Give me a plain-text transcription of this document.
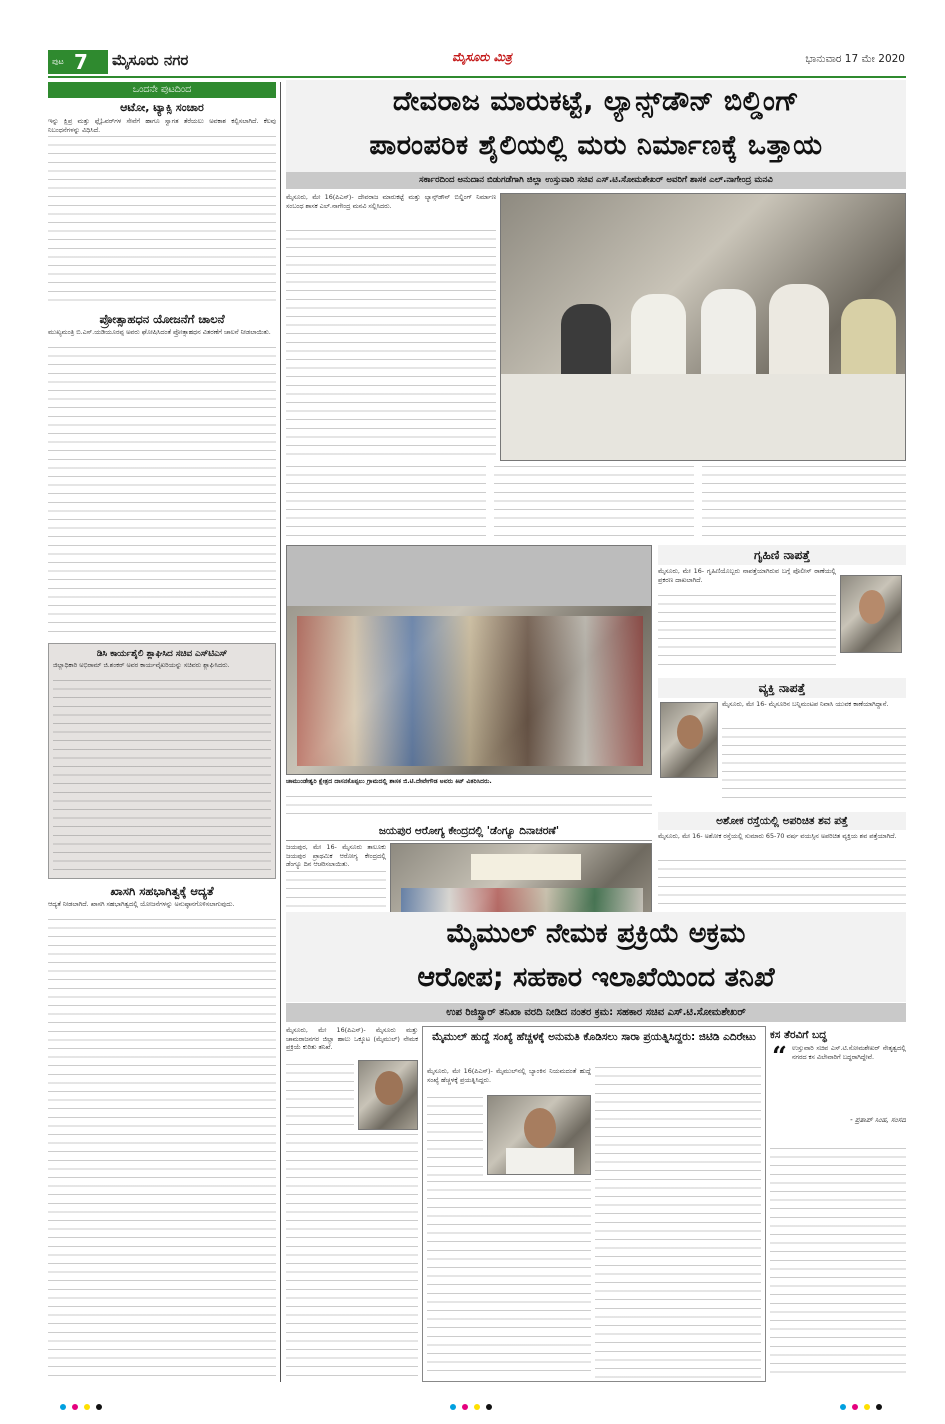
ಪುಟ 7 ಮೈಸೂರು ನಗರ	ಮೈಸೂರು ಮಿತ್ರ	ಭಾನುವಾರ 17 ಮೇ 2020
ಒಂದನೇ ಪುಟದಿಂದ
ಆಟೋ, ಟ್ಯಾಕ್ಸಿ ಸಂಚಾರ
ಇನ್ನು ಕ್ಷಿಪ್ರ ಮತ್ತು ಫ್ಲೈಓವರ್‌ಗಳ ಸೇವೆಗೆ ಹಾಗೂ ಸ್ವಾಗತ ತೆರೆಯಲು ಅವಕಾಶ ಕಲ್ಪಿಸಲಾಗಿದೆ. ಕೆಲವು ನಿಬಂಧನೆಗಳನ್ನು ವಿಧಿಸಿದೆ.
ಪ್ರೋತ್ಸಾಹಧನ ಯೋಜನೆಗೆ ಚಾಲನೆ
ಮುಖ್ಯಮಂತ್ರಿ ಬಿ.ಎಸ್.ಯಡಿಯೂರಪ್ಪ ಅವರು ಘೋಷಿಸಿದಂತೆ ಪ್ರೋತ್ಸಾಹಧನ ವಿತರಣೆಗೆ ಚಾಲನೆ ನೀಡಲಾಯಿತು.
ಡಿಸಿ ಕಾರ್ಯಶೈಲಿ ಶ್ಲಾಘಿಸಿದ ಸಚಿವ ಎಸ್‌ಟಿಎಸ್
ಜಿಲ್ಲಾಧಿಕಾರಿ ಅಭಿರಾಮ್ ಜಿ.ಶಂಕರ್ ಅವರ ಕಾರ್ಯವೈಖರಿಯನ್ನು ಸಚಿವರು ಶ್ಲಾಘಿಸಿದರು.
ಖಾಸಗಿ ಸಹಭಾಗಿತ್ವಕ್ಕೆ ಆದ್ಯತೆ
ಆದ್ಯತೆ ನೀಡಲಾಗಿದೆ. ಖಾಸಗಿ ಸಹಭಾಗಿತ್ವದಲ್ಲಿ ಯೋಜನೆಗಳನ್ನು ಅನುಷ್ಠಾನಗೊಳಿಸಲಾಗುವುದು.
ದೇವರಾಜ ಮಾರುಕಟ್ಟೆ, ಲ್ಯಾನ್ಸ್‌ಡೌನ್ ಬಿಲ್ಡಿಂಗ್
ಪಾರಂಪರಿಕ ಶೈಲಿಯಲ್ಲಿ ಮರು ನಿರ್ಮಾಣಕ್ಕೆ ಒತ್ತಾಯ
ಸರ್ಕಾರದಿಂದ ಅನುದಾನ ಬಿಡುಗಡೆಗಾಗಿ ಜಿಲ್ಲಾ ಉಸ್ತುವಾರಿ ಸಚಿವ ಎಸ್.ಟಿ.ಸೋಮಶೇಖರ್ ಅವರಿಗೆ ಶಾಸಕ ಎಲ್.ನಾಗೇಂದ್ರ ಮನವಿ
ಮೈಸೂರು, ಮೇ 16(ಪಿಎಸ್)- ದೇವರಾಜ ಮಾರುಕಟ್ಟೆ ಮತ್ತು ಲ್ಯಾನ್ಸ್‌ಡೌನ್ ಬಿಲ್ಡಿಂಗ್ ನಿರ್ಮಾಣ ಸಂಬಂಧ ಶಾಸಕ ಎಲ್.ನಾಗೇಂದ್ರ ಮನವಿ ಸಲ್ಲಿಸಿದರು.
ಚಾಮುಂಡೇಶ್ವರಿ ಕ್ಷೇತ್ರದ ದಾಸನಕೊಪ್ಪಲು ಗ್ರಾಮದಲ್ಲಿ ಶಾಸಕ ಜಿ.ಟಿ.ದೇವೇಗೌಡ ಅವರು ಕಿಟ್ ವಿತರಿಸಿದರು.
ಜಯಪುರ ಆರೋಗ್ಯ ಕೇಂದ್ರದಲ್ಲಿ 'ಡೆಂಗ್ಯೂ ದಿನಾಚರಣೆ'
ಜಯಪುರ, ಮೇ 16- ಮೈಸೂರು ತಾಲೂಕು ಜಯಪುರ ಪ್ರಾಥಮಿಕ ಆರೋಗ್ಯ ಕೇಂದ್ರದಲ್ಲಿ ಡೆಂಗ್ಯೂ ದಿನ ಆಚರಿಸಲಾಯಿತು.
ಗೃಹಿಣಿ ನಾಪತ್ತೆ
ಮೈಸೂರು, ಮೇ 16- ಗೃಹಿಣಿಯೊಬ್ಬರು ನಾಪತ್ತೆಯಾಗಿರುವ ಬಗ್ಗೆ ಪೊಲೀಸ್ ಠಾಣೆಯಲ್ಲಿ ಪ್ರಕರಣ ದಾಖಲಾಗಿದೆ.
ವ್ಯಕ್ತಿ ನಾಪತ್ತೆ
ಮೈಸೂರು, ಮೇ 16- ಮೈಸೂರಿನ ಬನ್ನಿಮಂಟಪ ನಿವಾಸಿ ಯುವಕ ಕಾಣೆಯಾಗಿದ್ದಾನೆ.
ಅಶೋಕ ರಸ್ತೆಯಲ್ಲಿ ಅಪರಿಚಿತ ಶವ ಪತ್ತೆ
ಮೈಸೂರು, ಮೇ 16- ಅಶೋಕ ರಸ್ತೆಯಲ್ಲಿ ಸುಮಾರು 65-70 ವರ್ಷ ವಯಸ್ಸಿನ ಅಪರಿಚಿತ ವ್ಯಕ್ತಿಯ ಶವ ಪತ್ತೆಯಾಗಿದೆ.
ಮೈಮುಲ್ ನೇಮಕ ಪ್ರಕ್ರಿಯೆ ಅಕ್ರಮ
ಆರೋಪ; ಸಹಕಾರ ಇಲಾಖೆಯಿಂದ ತನಿಖೆ
ಉಪ ರಿಜಿಸ್ಟ್ರಾರ್ ತನಿಖಾ ವರದಿ ನೀಡಿದ ನಂತರ ಕ್ರಮ: ಸಹಕಾರ ಸಚಿವ ಎಸ್.ಟಿ.ಸೋಮಶೇಖರ್
ಮೈಸೂರು, ಮೇ 16(ಪಿಎಸ್)- ಮೈಸೂರು ಮತ್ತು ಚಾಮರಾಜನಗರ ಜಿಲ್ಲಾ ಹಾಲು ಒಕ್ಕೂಟ (ಮೈಮುಲ್) ನೇಮಕ ಪ್ರಕ್ರಿಯೆ ಕುರಿತು ತನಿಖೆ.
ಮೈಮುಲ್ ಹುದ್ದೆ ಸಂಖ್ಯೆ ಹೆಚ್ಚಳಕ್ಕೆ ಅನುಮತಿ ಕೊಡಿಸಲು ಸಾರಾ ಪ್ರಯತ್ನಿಸಿದ್ದರು: ಜಿಟಿಡಿ ಎದಿರೇಟು
ಮೈಸೂರು, ಮೇ 16(ಪಿಎಸ್)- ಮೈಮುಲ್‌ನಲ್ಲಿ ಬ್ಯಾಂಕಿನ ನಿಯಮದಂತೆ ಹುದ್ದೆ ಸಂಖ್ಯೆ ಹೆಚ್ಚಳಕ್ಕೆ ಪ್ರಯತ್ನಿಸಿದ್ದರು.
ಕಸ ತೆರವಿಗೆ ಬದ್ಧ
“ ಉಸ್ತುವಾರಿ ಸಚಿವ ಎಸ್.ಟಿ.ಸೋಮಶೇಖರ್ ನೇತೃತ್ವದಲ್ಲಿ ನಗರದ ಕಸ ವಿಲೇವಾರಿಗೆ ಬದ್ಧರಾಗಿದ್ದೇವೆ.
- ಪ್ರತಾಪ್ ಸಿಂಹ, ಸಂಸದ
